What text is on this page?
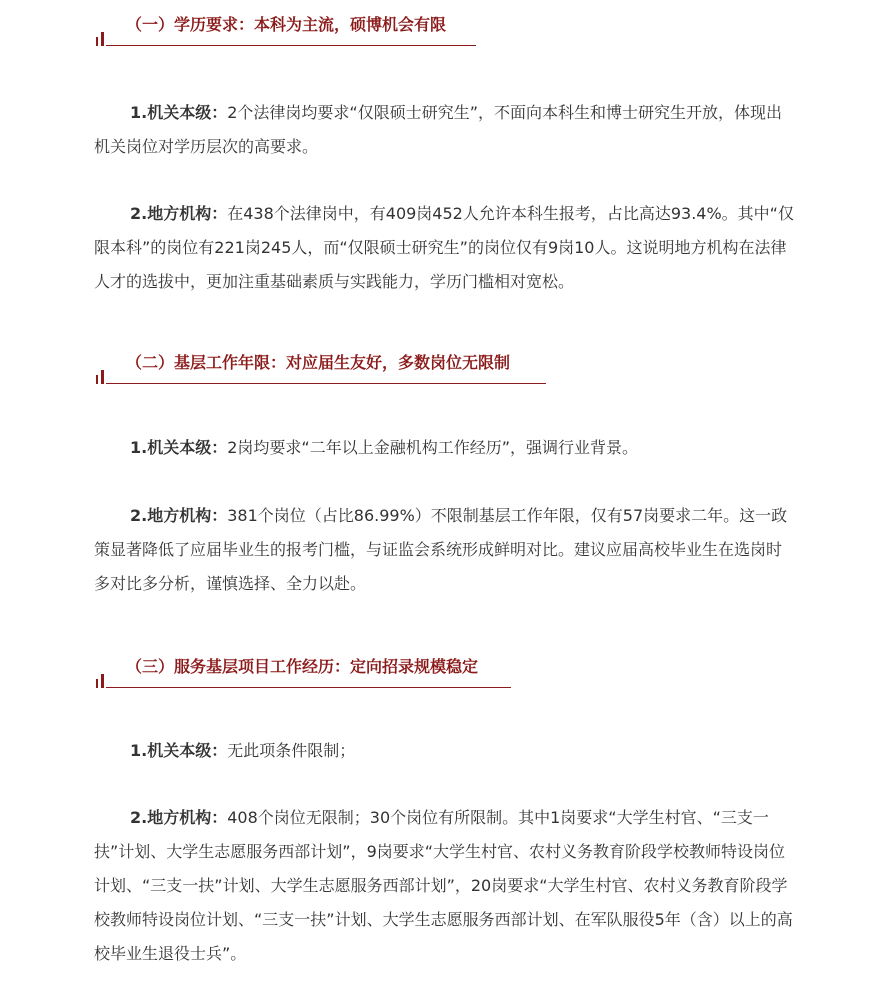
（一）学历要求：本科为主流，硕博机会有限

1.机关本级：2个法律岗均要求“仅限硕士研究生”，不面向本科生和博士研究生开放，体现出机关岗位对学历层次的高要求。

2.地方机构：在438个法律岗中，有409岗452人允许本科生报考，占比高达93.4%。其中“仅限本科”的岗位有221岗245人，而“仅限硕士研究生”的岗位仅有9岗10人。这说明地方机构在法律人才的选拔中，更加注重基础素质与实践能力，学历门槛相对宽松。

（二）基层工作年限：对应届生友好，多数岗位无限制

1.机关本级：2岗均要求“二年以上金融机构工作经历”，强调行业背景。

2.地方机构：381个岗位（占比86.99%）不限制基层工作年限，仅有57岗要求二年。这一政策显著降低了应届毕业生的报考门槛，与证监会系统形成鲜明对比。建议应届高校毕业生在选岗时多对比多分析，谨慎选择、全力以赴。

（三）服务基层项目工作经历：定向招录规模稳定

1.机关本级：无此项条件限制；

2.地方机构：408个岗位无限制；30个岗位有所限制。其中1岗要求“大学生村官、“三支一扶”计划、大学生志愿服务西部计划”，9岗要求“大学生村官、农村义务教育阶段学校教师特设岗位计划、“三支一扶”计划、大学生志愿服务西部计划”，20岗要求“大学生村官、农村义务教育阶段学校教师特设岗位计划、“三支一扶”计划、大学生志愿服务西部计划、在军队服役5年（含）以上的高校毕业生退役士兵”。
